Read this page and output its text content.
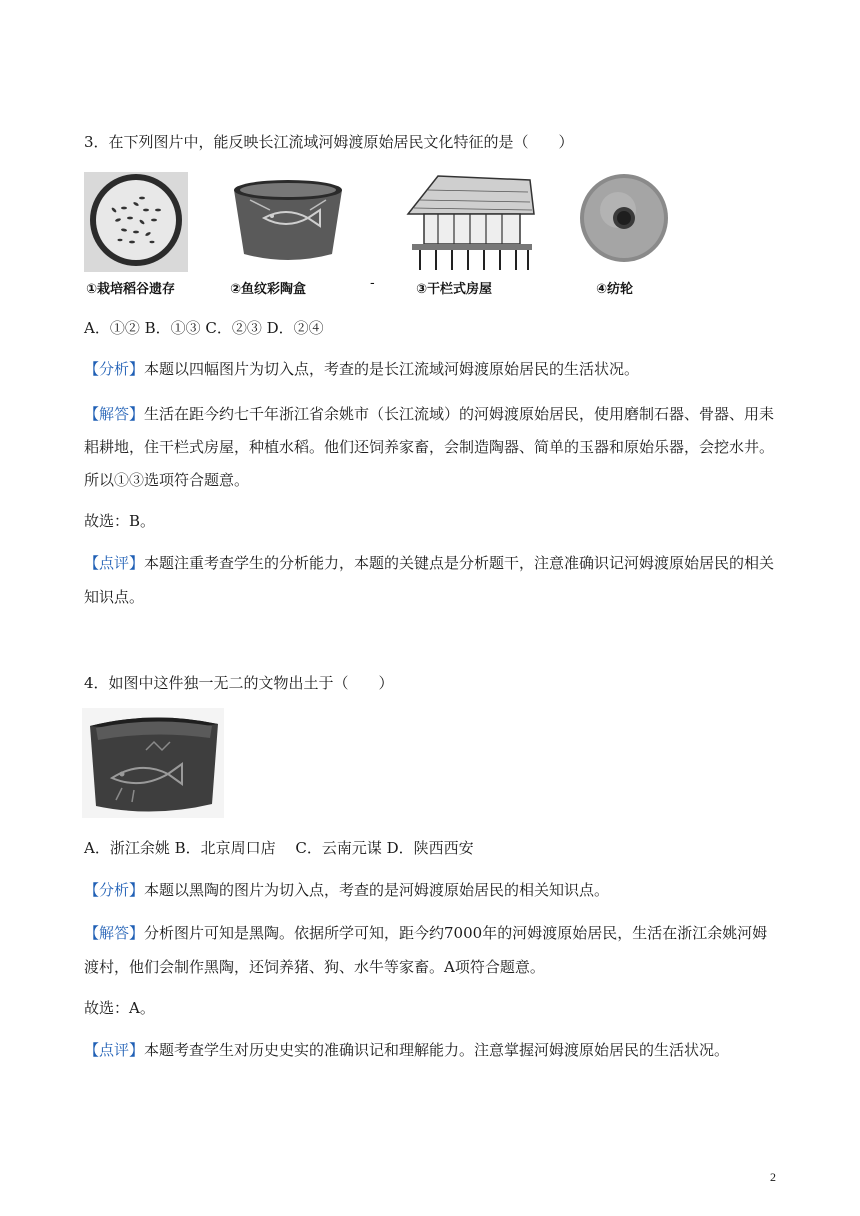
3．在下列图片中，能反映长江流域河姆渡原始居民文化特征的是（　　）
①栽培稻谷遗存	②鱼纹彩陶盒	-	③干栏式房屋	④纺轮
A．①② B．①③ C．②③ D．②④
【分析】本题以四幅图片为切入点，考查的是长江流域河姆渡原始居民的生活状况。
【解答】生活在距今约七千年浙江省余姚市（长江流域）的河姆渡原始居民，使用磨制石器、骨器、用耒
耜耕地，住干栏式房屋，种植水稻。他们还饲养家畜，会制造陶器、简单的玉器和原始乐器，会挖水井。
所以①③选项符合题意。
故选：B。
【点评】本题注重考查学生的分析能力，本题的关键点是分析题干，注意准确识记河姆渡原始居民的相关
知识点。
4．如图中这件独一无二的文物出土于（　　）
A．浙江余姚 B．北京周口店　 C．云南元谋 D．陕西西安
【分析】本题以黑陶的图片为切入点，考查的是河姆渡原始居民的相关知识点。
【解答】分析图片可知是黑陶。依据所学可知，距今约7000年的河姆渡原始居民，生活在浙江余姚河姆
渡村，他们会制作黑陶，还饲养猪、狗、水牛等家畜。A项符合题意。
故选：A。
【点评】本题考查学生对历史史实的准确识记和理解能力。注意掌握河姆渡原始居民的生活状况。
2
